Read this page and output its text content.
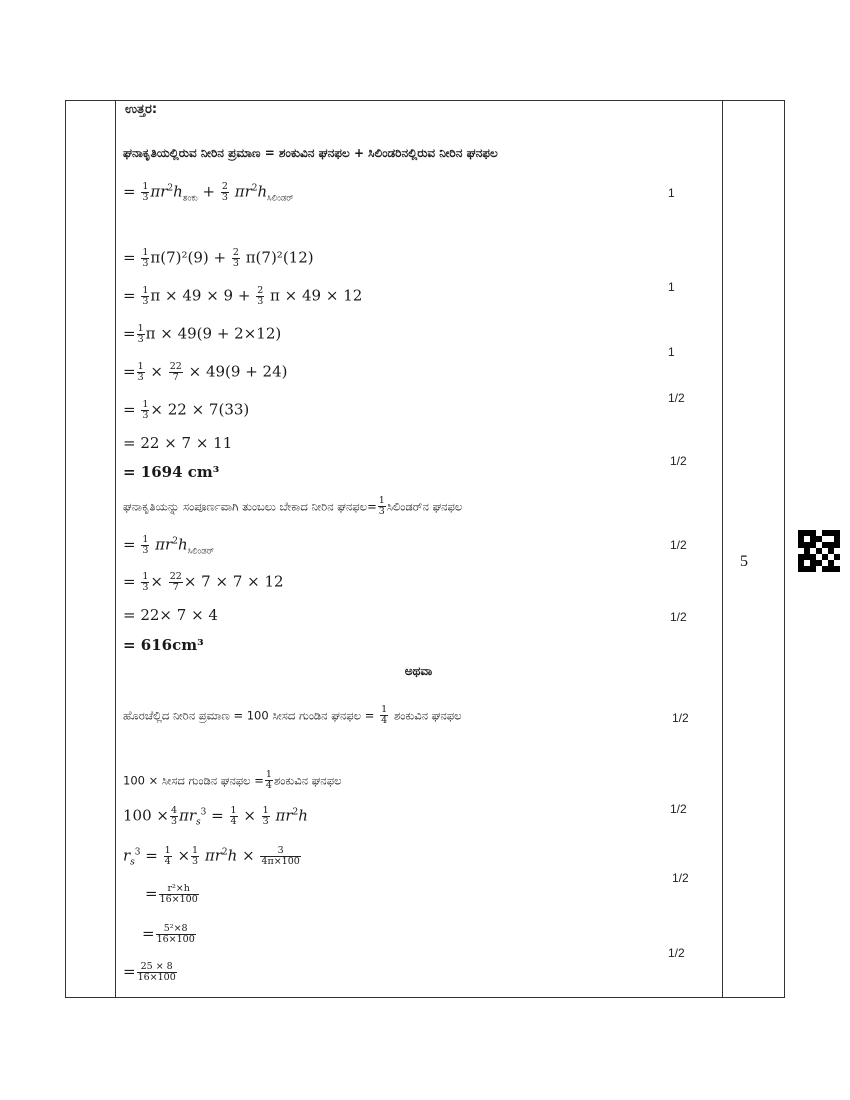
ಉತ್ತರ:
ಘನಾಕೃತಿಯಲ್ಲಿರುವ ನೀರಿನ ಪ್ರಮಾಣ = ಶಂಕುವಿನ ಘನಫಲ + ಸಿಲಿಂಡರಿನಲ್ಲಿರುವ ನೀರಿನ ಘನಫಲ
= $\frac{1}{3} \pi r^2h_{ಶಂಕು} + \frac{2}{3} \pi r^2h_{ಸಿಲಿಂಡರ್}$
= $\frac{1}{3} \pi(7)^2(9) + \frac{2}{3} \pi(7)^2(12)$
= $\frac{1}{3}$ $\pi \times 49 \times 9 + \frac{2}{3}$ π × 49 × 12
= $\frac{1}{3}$ π × 49(9 + 2×12)
= $\frac{1}{3} \times \frac{22}{7} \times 49(9 + 24)$
= $\frac{1}{3} \times 22 \times 7(33)$
= 22 × 7 × 11
= 1694 cm³
ಘನಾಕೃತಿಯನ್ನು ಸಂಪೂರ್ಣವಾಗಿ ತುಂಬಲು ಬೇಕಾದ ನೀರಿನ ಘನಫಲ= $\frac{1}{3}$ ಸಿಲಿಂಡರ್‌ನ ಘನಫಲ
= $\frac{1}{3} \pi r^2h_{ಸಿಲಿಂಡರ್}$
= $\frac{1}{3} \times \frac{22}{7} \times 7 \times 7 \times 12$
= 22× 7 × 4
= 616cm³
ಅಥವಾ
ಹೊರಚೆಲ್ಲಿದ ನೀರಿನ ಪ್ರಮಾಣ = 100 ಸೀಸದ ಗುಂಡಿನ ಘನಫಲ = $\frac{1}{4}$ ಶಂಕುವಿನ ಘನಫಲ
100 × ಸೀಸದ ಗುಂಡಿನ ಘನಫಲ = $\frac{1}{4}$ ಶಂಕುವಿನ ಘನಫಲ
$100 \times \frac{4}{3} \pi r_s^3 = \frac{1}{4} \times \frac{1}{3} \pi r^2h$
$r_s^3 = \frac{1}{4} \times \frac{1}{3} \pi r^2h \times \frac{3}{4\pi\times 100}$
= $\frac{\text{r²×h}}{16\times 100}$
= $\frac{\text{5²×8}}{16\times 100}$
= $\frac{25 \times 8}{16\times 100}$
1
1
1
1/2
1/2
1/2
1/2
1/2
1/2
1/2
1/2
5
